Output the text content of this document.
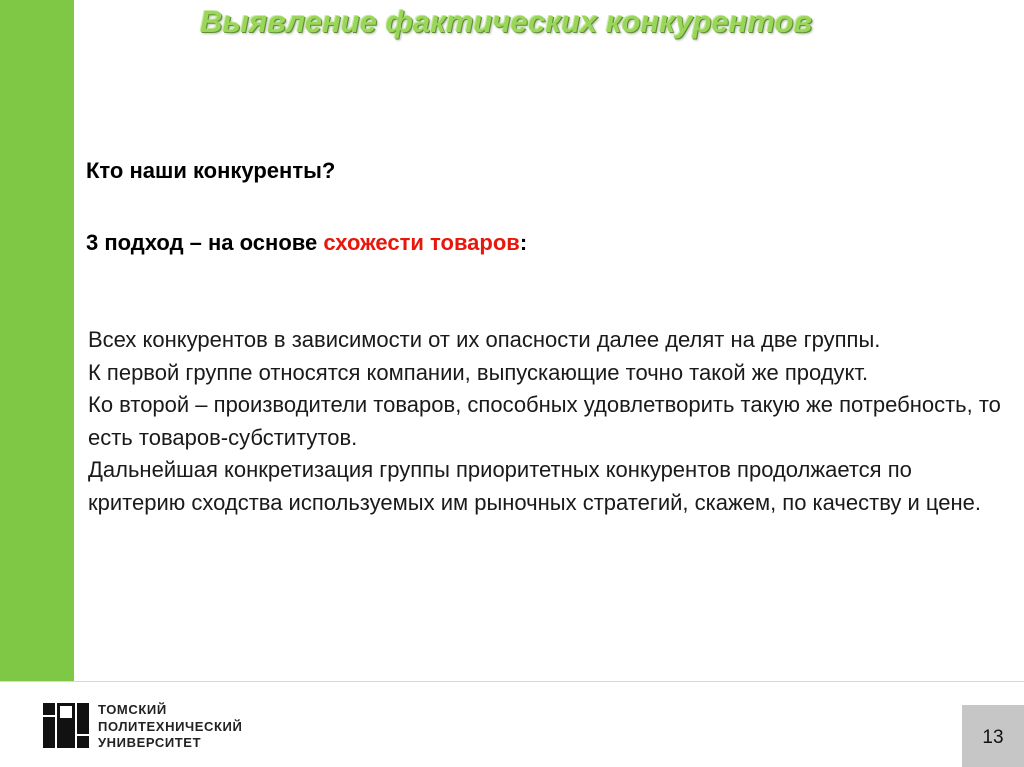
Выявление фактических конкурентов
Кто наши конкуренты?
3 подход – на основе схожести товаров:

Всех конкурентов в зависимости от их опасности далее делят на две группы.

К первой группе относятся компании, выпускающие точно такой же продукт.

Ко второй – производители товаров, способных удовлетворить такую же потребность, то есть товаров-субститутов.

Дальнейшая конкретизация группы приоритетных конкурентов продолжается по критерию сходства используемых им рыночных стратегий, скажем, по качеству и цене.

ТОМСКИЙ
ПОЛИТЕХНИЧЕСКИЙ
УНИВЕРСИТЕТ	13
